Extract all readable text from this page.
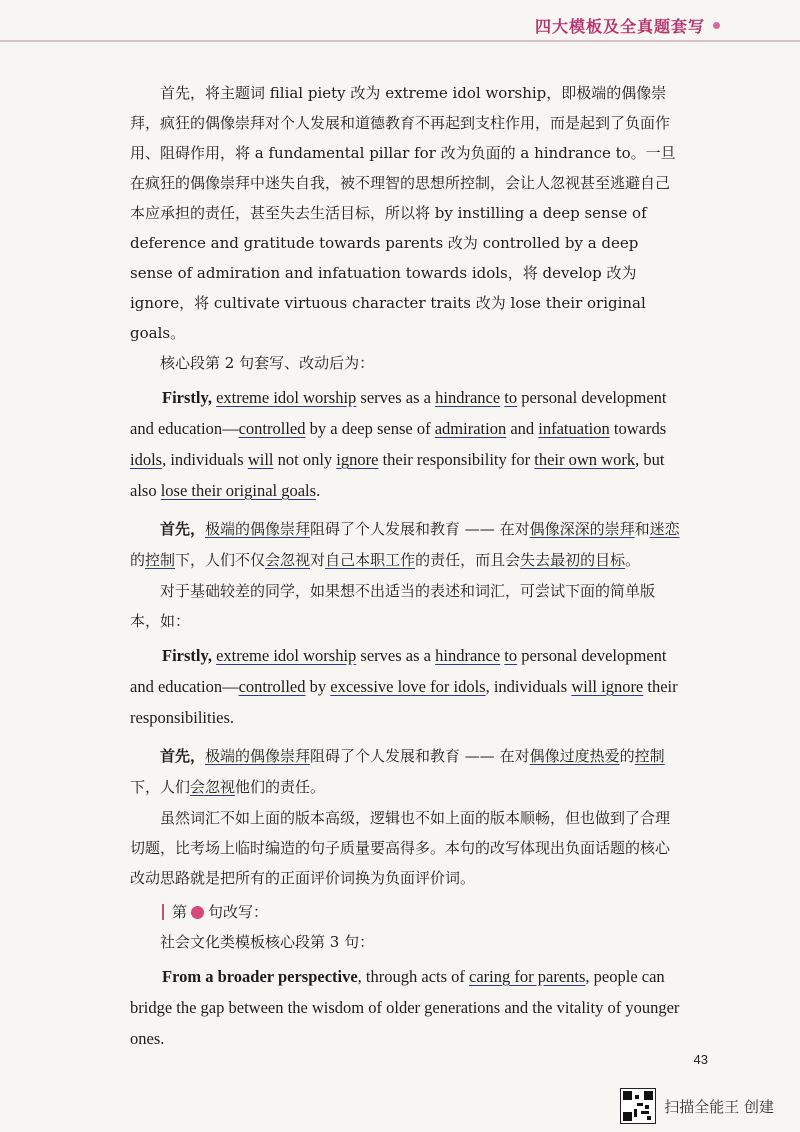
四大模板及全真题套写

首先，将主题词 filial piety 改为 extreme idol worship，即极端的偶像崇拜，疯狂的偶像崇拜对个人发展和道德教育不再起到支柱作用，而是起到了负面作用、阻碍作用，将 a fundamental pillar for 改为负面的 a hindrance to。一旦在疯狂的偶像崇拜中迷失自我，被不理智的思想所控制，会让人忽视甚至逃避自己本应承担的责任，甚至失去生活目标，所以将 by instilling a deep sense of deference and gratitude towards parents 改为 controlled by a deep sense of admiration and infatuation towards idols，将 develop 改为 ignore，将 cultivate virtuous character traits 改为 lose their original goals。

核心段第 2 句套写、改动后为：

Firstly, extreme idol worship serves as a hindrance to personal development and education—controlled by a deep sense of admiration and infatuation towards idols, individuals will not only ignore their responsibility for their own work, but also lose their original goals.

首先，极端的偶像崇拜阻碍了个人发展和教育 —— 在对偶像深深的崇拜和迷恋的控制下，人们不仅会忽视对自己本职工作的责任，而且会失去最初的目标。

对于基础较差的同学，如果想不出适当的表述和词汇，可尝试下面的简单版本，如：

Firstly, extreme idol worship serves as a hindrance to personal development and education—controlled by excessive love for idols, individuals will ignore their responsibilities.

首先，极端的偶像崇拜阻碍了个人发展和教育 —— 在对偶像过度热爱的控制下，人们会忽视他们的责任。

虽然词汇不如上面的版本高级，逻辑也不如上面的版本顺畅，但也做到了合理切题，比考场上临时编造的句子质量要高得多。本句的改写体现出负面话题的核心改动思路就是把所有的正面评价词换为负面评价词。

第 句改写：

社会文化类模板核心段第 3 句：

From a broader perspective, through acts of caring for parents, people can bridge the gap between the wisdom of older generations and the vitality of younger ones.

43
扫描全能王 创建
